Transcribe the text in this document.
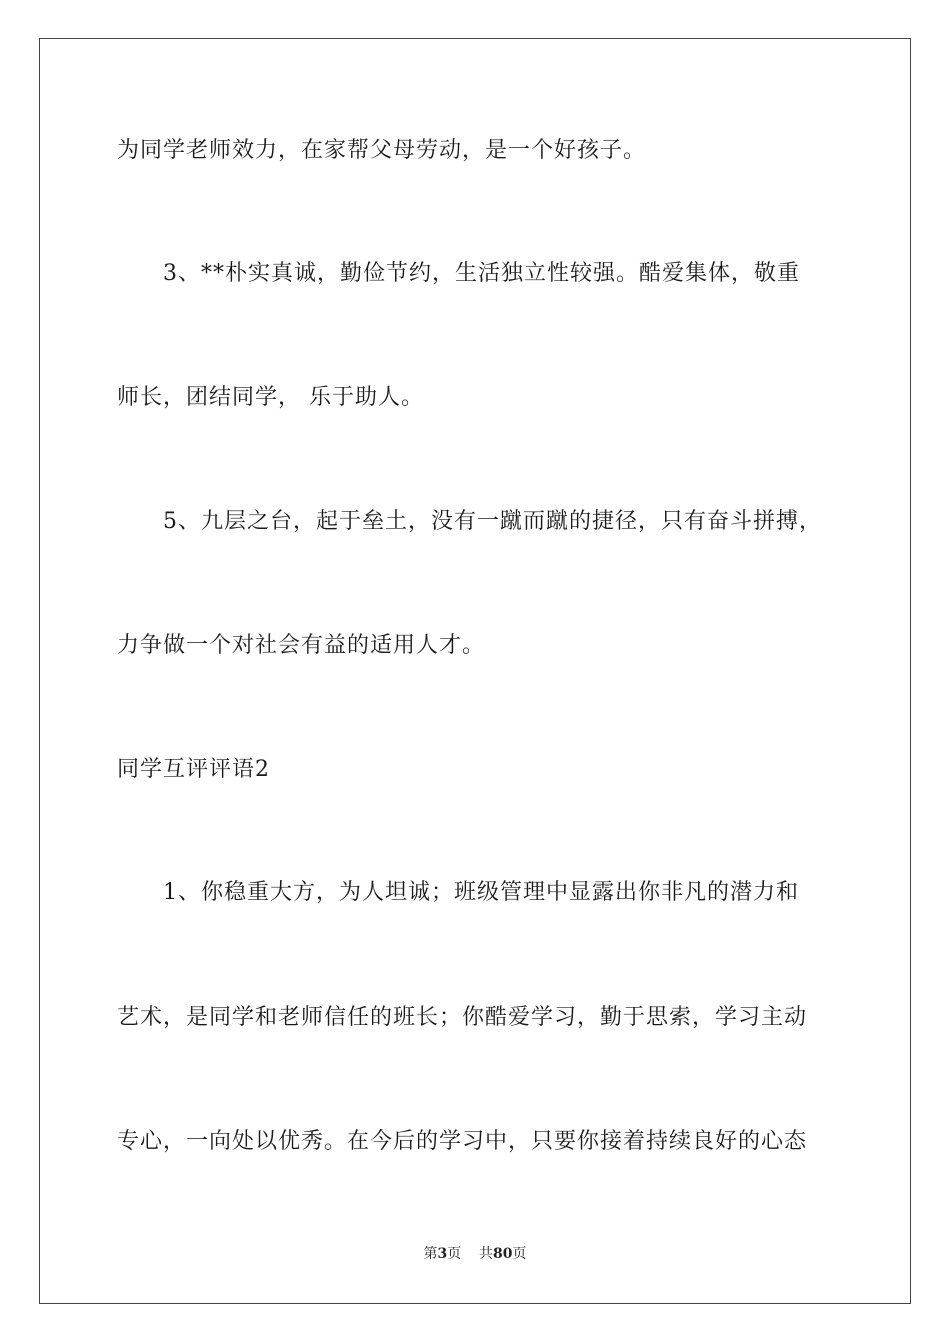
为同学老师效力，在家帮父母劳动，是一个好孩子。
3、**朴实真诚，勤俭节约，生活独立性较强。酷爱集体，敬重
师长，团结同学， 乐于助人。
5、九层之台，起于垒土，没有一蹴而蹴的捷径，只有奋斗拼搏，
力争做一个对社会有益的适用人才。
同学互评评语2
1、你稳重大方，为人坦诚；班级管理中显露出你非凡的潜力和
艺术，是同学和老师信任的班长；你酷爱学习，勤于思索，学习主动
专心，一向处以优秀。在今后的学习中，只要你接着持续良好的心态
第3页 共80页
